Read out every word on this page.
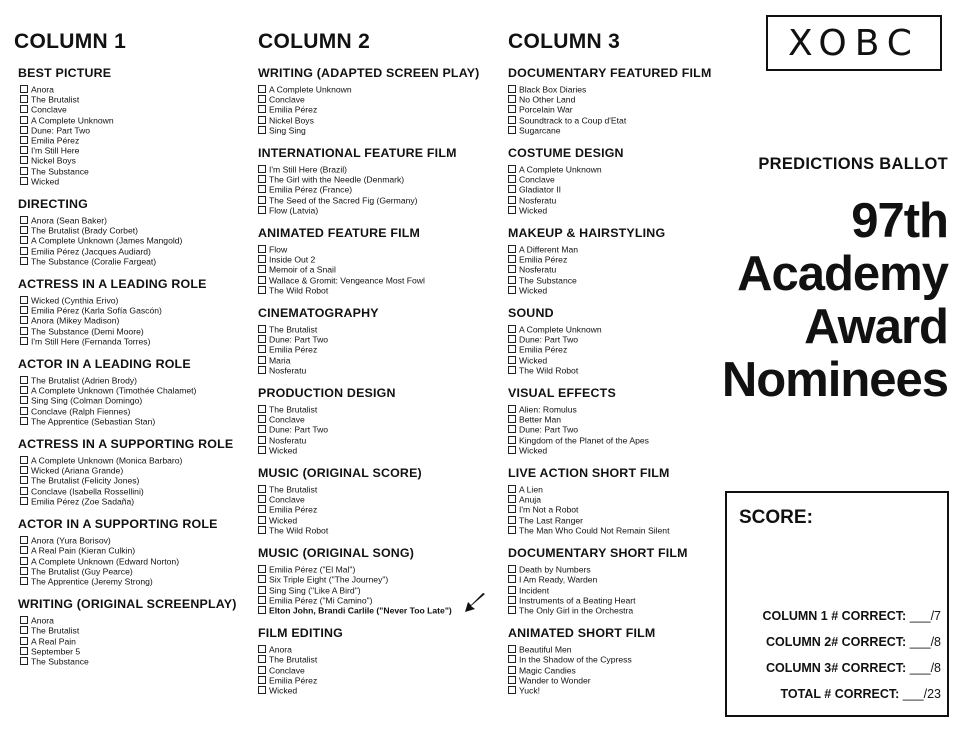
COLUMN 1
BEST PICTURE
Anora
The Brutalist
Conclave
A Complete Unknown
Dune: Part Two
Emilia Pérez
I'm Still Here
Nickel Boys
The Substance
Wicked
DIRECTING
Anora (Sean Baker)
The Brutalist (Brady Corbet)
A Complete Unknown (James Mangold)
Emilia Pérez (Jacques Audiard)
The Substance (Coralie Fargeat)
ACTRESS IN A LEADING ROLE
Wicked (Cynthia Erivo)
Emilia Pérez (Karla Sofía Gascón)
Anora (Mikey Madison)
The Substance (Demi Moore)
I'm Still Here (Fernanda Torres)
ACTOR IN A LEADING ROLE
The Brutalist (Adrien Brody)
A Complete Unknown (Timothée Chalamet)
Sing Sing (Colman Domingo)
Conclave (Ralph Fiennes)
The Apprentice (Sebastian Stan)
ACTRESS IN A SUPPORTING ROLE
A Complete Unknown (Monica Barbaro)
Wicked (Ariana Grande)
The Brutalist (Felicity Jones)
Conclave (Isabella Rossellini)
Emilia Pérez (Zoe Sadaña)
ACTOR IN A SUPPORTING ROLE
Anora (Yura Borisov)
A Real Pain (Kieran Culkin)
A Complete Unknown (Edward Norton)
The Brutalist (Guy Pearce)
The Apprentice (Jeremy Strong)
WRITING (ORIGINAL SCREENPLAY)
Anora
The Brutalist
A Real Pain
September 5
The Substance
COLUMN 2
WRITING (ADAPTED SCREEN PLAY)
A Complete Unknown
Conclave
Emilia Pérez
Nickel Boys
Sing Sing
INTERNATIONAL FEATURE FILM
I'm Still Here (Brazil)
The Girl with the Needle (Denmark)
Emilia Pérez (France)
The Seed of the Sacred Fig (Germany)
Flow (Latvia)
ANIMATED FEATURE FILM
Flow
Inside Out 2
Memoir of a Snail
Wallace & Gromit: Vengeance Most Fowl
The Wild Robot
CINEMATOGRAPHY
The Brutalist
Dune: Part Two
Emilia Pérez
Maria
Nosferatu
PRODUCTION DESIGN
The Brutalist
Conclave
Dune: Part Two
Nosferatu
Wicked
MUSIC (ORIGINAL SCORE)
The Brutalist
Conclave
Emilia Pérez
Wicked
The Wild Robot
MUSIC (ORIGINAL SONG)
Emilia Pérez ("El Mal")
Six Triple Eight ("The Journey")
Sing Sing ("Like A Bird")
Emilia Pérez ("Mi Camino")
Elton John, Brandi Carlile ("Never Too Late")
FILM EDITING
Anora
The Brutalist
Conclave
Emilia Pérez
Wicked
COLUMN 3
DOCUMENTARY FEATURED FILM
Black Box Diaries
No Other Land
Porcelain War
Soundtrack to a Coup d'Etat
Sugarcane
COSTUME DESIGN
A Complete Unknown
Conclave
Gladiator II
Nosferatu
Wicked
MAKEUP & HAIRSTYLING
A Different Man
Emilia Pérez
Nosferatu
The Substance
Wicked
SOUND
A Complete Unknown
Dune: Part Two
Emilia Pérez
Wicked
The Wild Robot
VISUAL EFFECTS
Alien: Romulus
Better Man
Dune: Part Two
Kingdom of the Planet of the Apes
Wicked
LIVE ACTION SHORT FILM
A Lien
Anuja
I'm Not a Robot
The Last Ranger
The Man Who Could Not Remain Silent
DOCUMENTARY SHORT FILM
Death by Numbers
I Am Ready, Warden
Incident
Instruments of a Beating Heart
The Only Girl in the Orchestra
ANIMATED SHORT FILM
Beautiful Men
In the Shadow of the Cypress
Magic Candies
Wander to Wonder
Yuck!
XOBC
PREDICTIONS BALLOT
97th
Academy
Award
Nominees
SCORE:
COLUMN 1 # CORRECT: ___/7
COLUMN 2# CORRECT: ___/8
COLUMN 3# CORRECT: ___/8
TOTAL # CORRECT: ___/23
